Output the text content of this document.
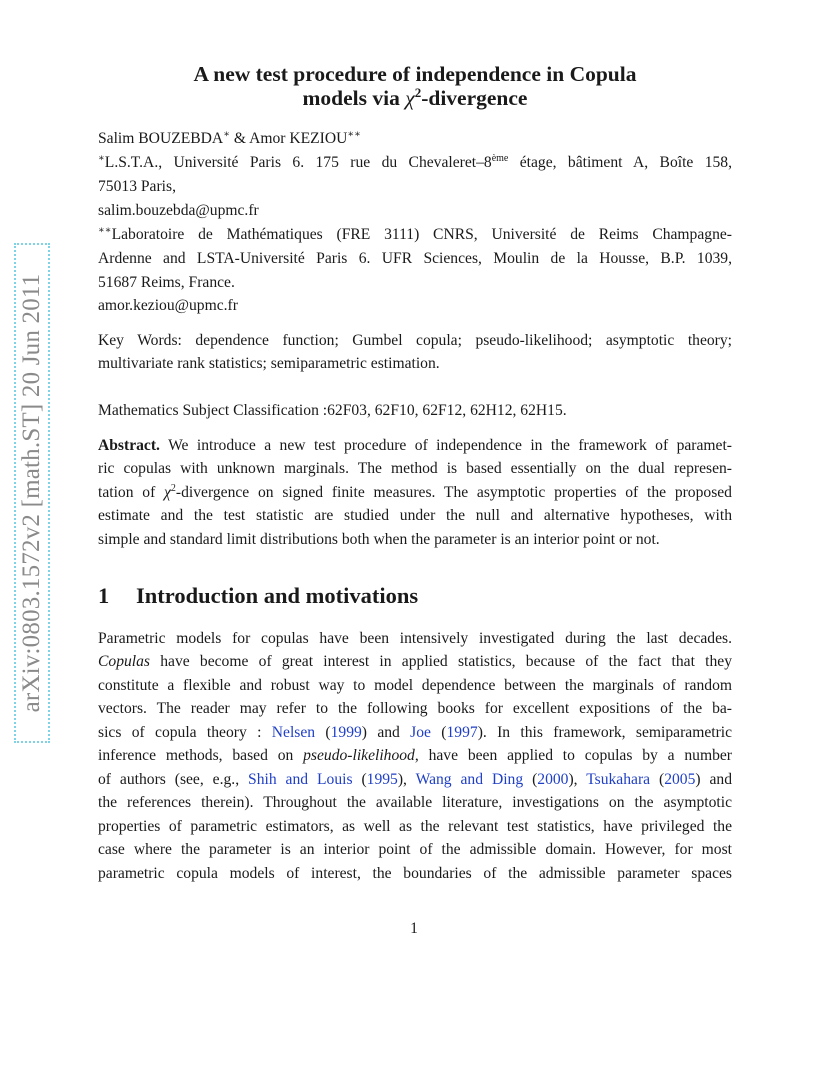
arXiv:0803.1572v2 [math.ST] 20 Jun 2011
A new test procedure of independence in Copula
models via $\chi^2$-divergence
Salim BOUZEBDA∗ & Amor KEZIOU∗∗
∗L.S.T.A., Université Paris 6. 175 rue du Chevaleret–8ème étage, bâtiment A, Boîte 158,
75013 Paris,
salim.bouzebda@upmc.fr
∗∗Laboratoire de Mathématiques (FRE 3111) CNRS, Université de Reims Champagne-
Ardenne and LSTA-Université Paris 6. UFR Sciences, Moulin de la Housse, B.P. 1039,
51687 Reims, France.
amor.keziou@upmc.fr
Key Words: dependence function; Gumbel copula; pseudo-likelihood; asymptotic theory;
multivariate rank statistics; semiparametric estimation.
Mathematics Subject Classification :62F03, 62F10, 62F12, 62H12, 62H15.
Abstract. We introduce a new test procedure of independence in the framework of paramet-
ric copulas with unknown marginals. The method is based essentially on the dual represen-
tation of $\chi^2$-divergence on signed finite measures. The asymptotic properties of the proposed
estimate and the test statistic are studied under the null and alternative hypotheses, with
simple and standard limit distributions both when the parameter is an interior point or not.
1 Introduction and motivations
Parametric models for copulas have been intensively investigated during the last decades.
Copulas have become of great interest in applied statistics, because of the fact that they
constitute a flexible and robust way to model dependence between the marginals of random
vectors. The reader may refer to the following books for excellent expositions of the ba-
sics of copula theory : Nelsen (1999) and Joe (1997). In this framework, semiparametric
inference methods, based on pseudo-likelihood, have been applied to copulas by a number
of authors (see, e.g., Shih and Louis (1995), Wang and Ding (2000), Tsukahara (2005) and
the references therein). Throughout the available literature, investigations on the asymptotic
properties of parametric estimators, as well as the relevant test statistics, have privileged the
case where the parameter is an interior point of the admissible domain. However, for most
parametric copula models of interest, the boundaries of the admissible parameter spaces
1
